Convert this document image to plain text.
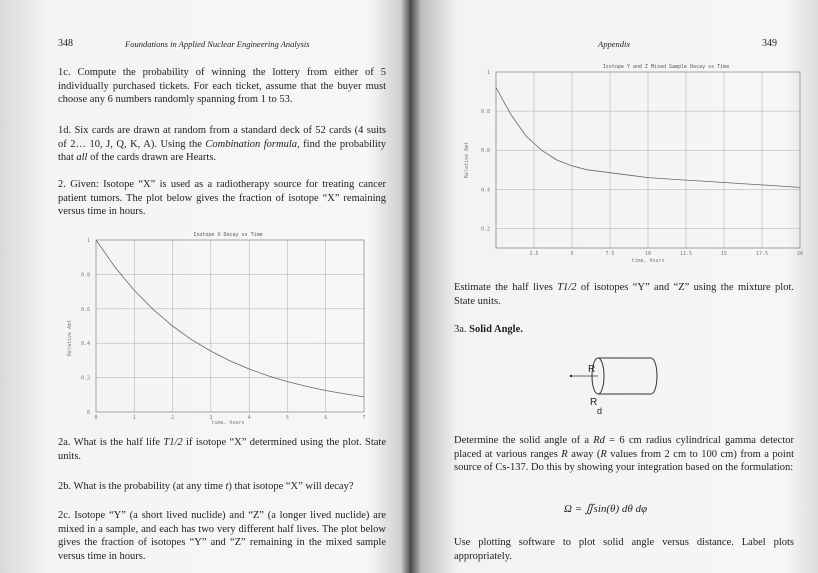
348	Foundations in Applied Nuclear Engineering Analysis
1c. Compute the probability of winning the lottery from either of 5 individually purchased tickets. For each ticket, assume that the buyer must choose any 6 numbers randomly spanning from 1 to 53.
1d. Six cards are drawn at random from a standard deck of 52 cards (4 suits of 2… 10, J, Q, K, A). Using the Combination formula, find the probability that all of the cards drawn are Hearts.
2. Given: Isotope “X” is used as a radiotherapy source for treating cancer patient tumors. The plot below gives the fraction of isotope “X” remaining versus time in hours.
Isotope X Decay vs Time
0	1	2	3	4	5	6	7
0
0.2
0.4
0.6
0.8
1
Relative Amt
time, hours
2a. What is the half life T1/2 if isotope “X” determined using the plot. State units.
2b. What is the probability (at any time t) that isotope “X” will decay?
2c. Isotope “Y” (a short lived nuclide) and “Z” (a longer lived nuclide) are mixed in a sample, and each has two very different half lives. The plot below gives the fraction of isotopes “Y” and “Z” remaining in the mixed sample versus time in hours.
Appendix	349
Isotope Y and Z Mixed Sample Decay vs Time
2.5	5	7.5	10	12.5	15	17.5	20
0.2
0.4
0.6
0.8
1
Relative Amt
time, hours
Estimate the half lives T1/2 of isotopes “Y” and “Z” using the mixture plot. State units.
3a. Solid Angle.
R
R
d
Determine the solid angle of a Rd = 6 cm radius cylindrical gamma detector placed at various ranges R away (R values from 2 cm to 100 cm) from a point source of Cs-137. Do this by showing your integration based on the formulation:
Ω = ∬sin(θ) dθ dφ
Use plotting software to plot solid angle versus distance. Label plots appropriately.
